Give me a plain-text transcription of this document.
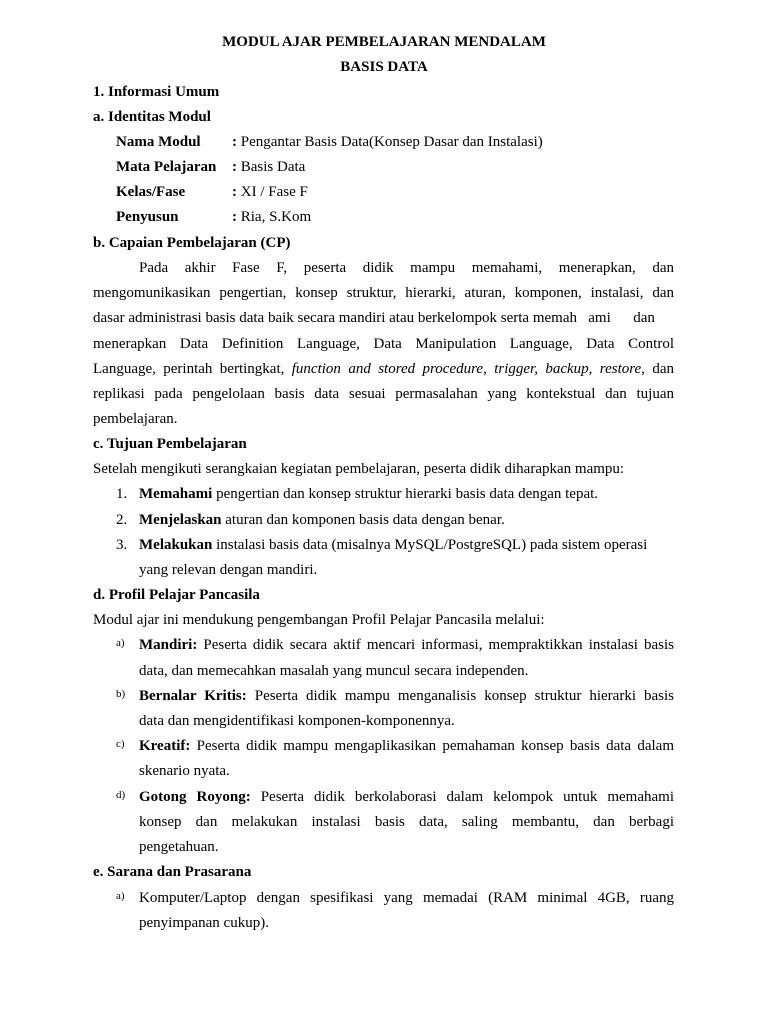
MODUL AJAR PEMBELAJARAN MENDALAM
BASIS DATA
1. Informasi Umum
a. Identitas Modul
Nama Modul : Pengantar Basis Data(Konsep Dasar dan Instalasi)
Mata Pelajaran : Basis Data
Kelas/Fase	: XI / Fase F
Penyusun	: Ria, S.Kom
b. Capaian Pembelajaran (CP)
Pada akhir Fase F, peserta didik mampu memahami, menerapkan, dan
mengomunikasikan pengertian, konsep struktur, hierarki, aturan, komponen, instalasi, dan
dasar administrasi basis data baik secara mandiri atau berkelompok serta memah   ami      dan
menerapkan Data Definition Language, Data Manipulation Language, Data Control
Language, perintah bertingkat, function and stored procedure, trigger, backup, restore, dan
replikasi pada pengelolaan basis data sesuai permasalahan yang kontekstual dan tujuan
pembelajaran.
c. Tujuan Pembelajaran
Setelah mengikuti serangkaian kegiatan pembelajaran, peserta didik diharapkan mampu:
1. Memahami pengertian dan konsep struktur hierarki basis data dengan tepat.
2. Menjelaskan aturan dan komponen basis data dengan benar.
3. Melakukan instalasi basis data (misalnya MySQL/PostgreSQL) pada sistem operasi
yang relevan dengan mandiri.
d. Profil Pelajar Pancasila
Modul ajar ini mendukung pengembangan Profil Pelajar Pancasila melalui:
a) Mandiri: Peserta didik secara aktif mencari informasi, mempraktikkan instalasi basis
data, dan memecahkan masalah yang muncul secara independen.
b) Bernalar Kritis: Peserta didik mampu menganalisis konsep struktur hierarki basis
data dan mengidentifikasi komponen-komponennya.
c) Kreatif: Peserta didik mampu mengaplikasikan pemahaman konsep basis data dalam
skenario nyata.
d) Gotong Royong: Peserta didik berkolaborasi dalam kelompok untuk memahami
konsep dan melakukan instalasi basis data, saling membantu, dan berbagi
pengetahuan.
e. Sarana dan Prasarana
a) Komputer/Laptop dengan spesifikasi yang memadai (RAM minimal 4GB, ruang
penyimpanan cukup).
